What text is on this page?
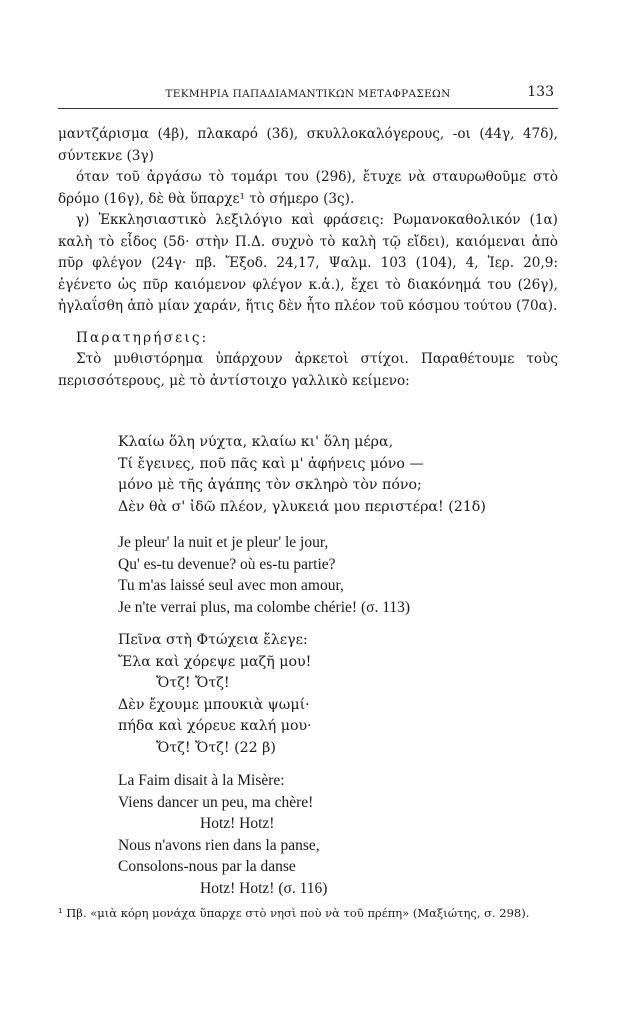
ΤΕΚΜΗΡΙΑ ΠΑΠΑΔΙΑΜΑΝΤΙΚΩΝ ΜΕΤΑΦΡΑΣΕΩΝ	133

μαντζάρισμα (4β), πλακαρό (3δ), σκυλλοκαλόγερους, -οι (44γ, 47δ), σύντεκνε (3γ)

όταν τοῦ ἀργάσω τὸ τομάρι του (29δ), ἔτυχε νὰ σταυρωθοῦμε στὸ δρόμο (16γ), δὲ θὰ ὕπαρχε¹ τὸ σήμερο (3ς).

γ) Ἐκκλησιαστικὸ λεξιλόγιο καὶ φράσεις: Ρωμανοκαθολικόν (1α) καλὴ τὸ εἶδος (5δ· στὴν Π.Δ. συχνὸ τὸ καλὴ τῷ εἴδει), καιόμεναι ἀπὸ πῦρ φλέγον (24γ· πβ. Ἔξοδ. 24,17, Ψαλμ. 103 (104), 4, Ἰερ. 20,9: ἐγένετο ὡς πῦρ καιόμενον φλέγον κ.ἀ.), ἔχει τὸ διακόνημά του (26γ), ἠγλαΐσθη ἀπὸ μίαν χαράν, ἥτις δὲν ἦτο πλέον τοῦ κόσμου τούτου (70α).

Παρατηρήσεις:

Στὸ μυθιστόρημα ὑπάρχουν ἀρκετοὶ στίχοι. Παραθέτουμε τοὺς περισσότερους, μὲ τὸ ἀντίστοιχο γαλλικὸ κείμενο:

Κλαίω ὅλη νύχτα, κλαίω κι' ὅλη μέρα,
Τί ἔγεινες, ποῦ πᾶς καὶ μ' ἀφήνεις μόνο —
μόνο μὲ τῆς ἀγάπης τὸν σκληρὸ τὸν πόνο;
Δὲν θὰ σ' ἰδῶ πλέον, γλυκειά μου περιστέρα! (21δ)
Je pleur' la nuit et je pleur' le jour,
Qu' es-tu devenue? où es-tu partie?
Tu m'as laissé seul avec mon amour,
Je n'te verrai plus, ma colombe chérie! (σ. 113)
Πεῖνα στὴ Φτώχεια ἔλεγε:
Ἔλα καὶ χόρεψε μαζῆ μου!
Ὄτζ! Ὄτζ!
Δὲν ἔχουμε μπουκιὰ ψωμί·
πήδα καὶ χόρευε καλή μου·
Ὄτζ! Ὄτζ! (22 β)
La Faim disait à la Misère:
Viens dancer un peu, ma chère!
Hotz! Hotz!
Nous n'avons rien dans la panse,
Consolons-nous par la danse
Hotz! Hotz! (σ. 116)
¹ Πβ. «μιὰ κόρη μονάχα ὕπαρχε στὸ νησὶ ποὺ νὰ τοῦ πρέπη» (Μαξιώτης, σ. 298).
